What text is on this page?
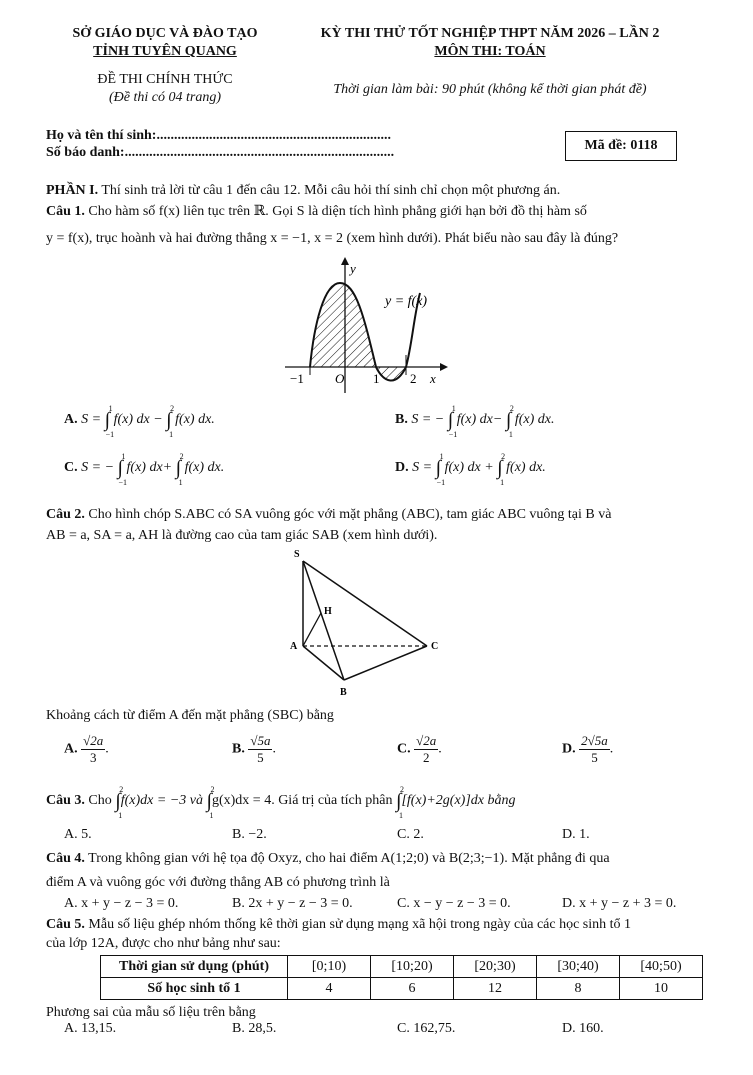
SỞ GIÁO DỤC VÀ ĐÀO TẠO
TỈNH TUYÊN QUANG
KỲ THI THỬ TỐT NGHIỆP THPT NĂM 2026 – LẦN 2
MÔN THI: TOÁN
ĐỀ THI CHÍNH THỨC
(Đề thi có 04 trang)
Thời gian làm bài: 90 phút (không kể thời gian phát đề)
Họ và tên thí sinh:...................................................................
Số báo danh:.............................................................................	Mã đề: 0118
PHẦN I. Thí sinh trả lời từ câu 1 đến câu 12. Mỗi câu hỏi thí sinh chỉ chọn một phương án.
Câu 1. Cho hàm số f(x) liên tục trên ℝ. Gọi S là diện tích hình phẳng giới hạn bởi đồ thị hàm số
y = f(x), trục hoành và hai đường thẳng x = −1, x = 2 (xem hình dưới). Phát biểu nào sau đây là đúng?
y
y = f(x)
−1 O 1 2 x
A. S = ∫
1
−1
f(x) dx − ∫
2
1
f(x) dx.	B. S = − ∫
1
−1
f(x) dx− ∫
2
1
f(x) dx.
C. S = − ∫
1
−1
f(x) dx+ ∫
2
1
f(x) dx.	D. S = ∫
1
−1
f(x) dx + ∫
2
1
f(x) dx.
Câu 2. Cho hình chóp S.ABC có SA vuông góc với mặt phẳng (ABC), tam giác ABC vuông tại B và
AB = a, SA = a, AH là đường cao của tam giác SAB (xem hình dưới).
S
H
A
B
C
Khoảng cách từ điểm A đến mặt phẳng (SBC) bằng
A. $\frac{√2a}{3}$ .	B. $\frac{√5a}{5}$ .	C. $\frac{√2a}{2}$ .	D. $\frac{2√5a}{5}$ .
Câu 3. Cho ∫
2
1
f(x)dx = −3 và ∫
2
1
g(x)dx = 4. Giá trị của tích phân ∫
2
1
[f(x)+2g(x)]dx bằng
A. 5.	B. −2.	C. 2.	D. 1.
Câu 4. Trong không gian với hệ tọa độ Oxyz, cho hai điểm A(1;2;0) và B(2;3;−1). Mặt phẳng đi qua
điểm A và vuông góc với đường thẳng AB có phương trình là
A. x + y − z − 3 = 0.	B. 2x + y − z − 3 = 0.	C. x − y − z − 3 = 0.	D. x + y − z + 3 = 0.
Câu 5. Mẫu số liệu ghép nhóm thống kê thời gian sử dụng mạng xã hội trong ngày của các học sinh tổ 1
của lớp 12A, được cho như bảng như sau:
Thời gian sử dụng (phút)	[0;10)	[10;20)	[20;30)	[30;40)	[40;50)
Số học sinh tổ 1	4	6	12	8	10
Phương sai của mẫu số liệu trên bằng
A. 13,15.	B. 28,5.	C. 162,75.	D. 160.
